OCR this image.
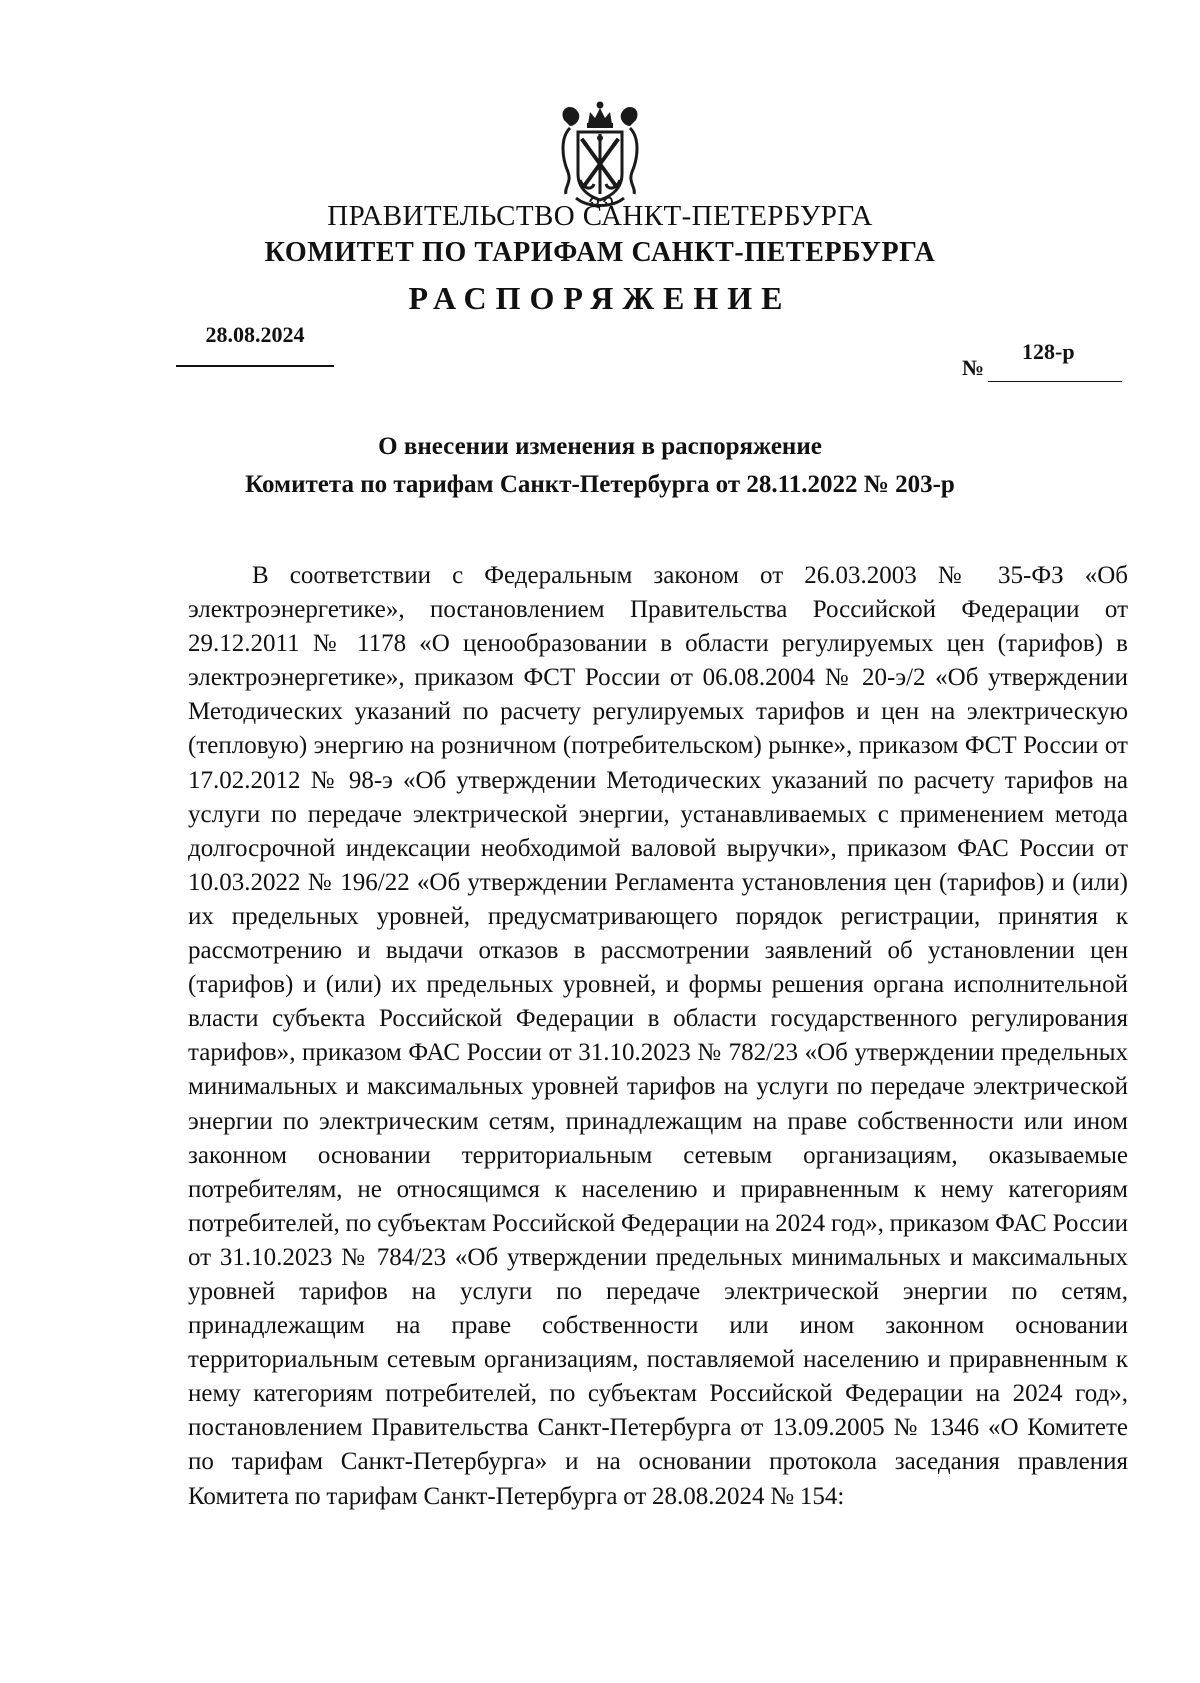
ПРАВИТЕЛЬСТВО САНКТ-ПЕТЕРБУРГА
КОМИТЕТ ПО ТАРИФАМ САНКТ-ПЕТЕРБУРГА
РАСПОРЯЖЕНИЕ
28.08.2024
№
128-р
О внесении изменения в распоряжение
Комитета по тарифам Санкт-Петербурга от 28.11.2022 № 203-р
В соответствии с Федеральным законом от 26.03.2003 № 35-ФЗ «Об электроэнергетике», постановлением Правительства Российской Федерации от 29.12.2011 № 1178 «О ценообразовании в области регулируемых цен (тарифов) в электроэнергетике», приказом ФСТ России от 06.08.2004 № 20-э/2 «Об утверждении Методических указаний по расчету регулируемых тарифов и цен на электрическую (тепловую) энергию на розничном (потребительском) рынке», приказом ФСТ России от 17.02.2012 № 98-э «Об утверждении Методических указаний по расчету тарифов на услуги по передаче электрической энергии, устанавливаемых с применением метода долгосрочной индексации необходимой валовой выручки», приказом ФАС России от 10.03.2022 № 196/22 «Об утверждении Регламента установления цен (тарифов) и (или) их предельных уровней, предусматривающего порядок регистрации, принятия к рассмотрению и выдачи отказов в рассмотрении заявлений об установлении цен (тарифов) и (или) их предельных уровней, и формы решения органа исполнительной власти субъекта Российской Федерации в области государственного регулирования тарифов», приказом ФАС России от 31.10.2023 № 782/23 «Об утверждении предельных минимальных и максимальных уровней тарифов на услуги по передаче электрической энергии по электрическим сетям, принадлежащим на праве собственности или ином законном основании территориальным сетевым организациям, оказываемые потребителям, не относящимся к населению и приравненным к нему категориям потребителей, по субъектам Российской Федерации на 2024 год», приказом ФАС России от 31.10.2023 № 784/23 «Об утверждении предельных минимальных и максимальных уровней тарифов на услуги по передаче электрической энергии по сетям, принадлежащим на праве собственности или ином законном основании территориальным сетевым организациям, поставляемой населению и приравненным к нему категориям потребителей, по субъектам Российской Федерации на 2024 год», постановлением Правительства Санкт-Петербурга от 13.09.2005 № 1346 «О Комитете по тарифам Санкт-Петербурга» и на основании протокола заседания правления Комитета по тарифам Санкт-Петербурга от 28.08.2024 № 154:
